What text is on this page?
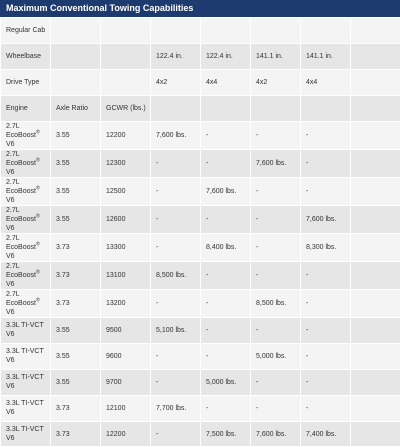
Maximum Conventional Towing Capabilities
Regular Cab							
Wheelbase			122.4 in.	122.4 in.	141.1 in.	141.1 in.	
Drive Type			4x2	4x4	4x2	4x4	
Engine	Axle Ratio	GCWR (lbs.)					
2.7L
EcoBoost® V6	3.55	12200	7,600 lbs.	-	-	-	
2.7L
EcoBoost® V6	3.55	12300	-	-	7,600 lbs.	-	
2.7L
EcoBoost® V6	3.55	12500	-	7,600 lbs.	-	-	
2.7L
EcoBoost® V6	3.55	12600	-	-	-	7,600 lbs.	
2.7L
EcoBoost® V6	3.73	13300	-	8,400 lbs.	-	8,300 lbs.	
2.7L
EcoBoost® V6	3.73	13100	8,500 lbs.	-	-	-	
2.7L
EcoBoost® V6	3.73	13200	-	-	8,500 lbs.	-	
3.3L TI-VCT
V6	3.55	9500	5,100 lbs.	-	-	-	
3.3L TI-VCT
V6	3.55	9600	-	-	5,000 lbs.	-	
3.3L TI-VCT
V6	3.55	9700	-	5,000 lbs.	-	-	
3.3L TI-VCT
V6	3.73	12100	7,700 lbs.	-	-	-	
3.3L TI-VCT
V6	3.73	12200	-	7,500 lbs.	7,600 lbs.	7,400 lbs.	
